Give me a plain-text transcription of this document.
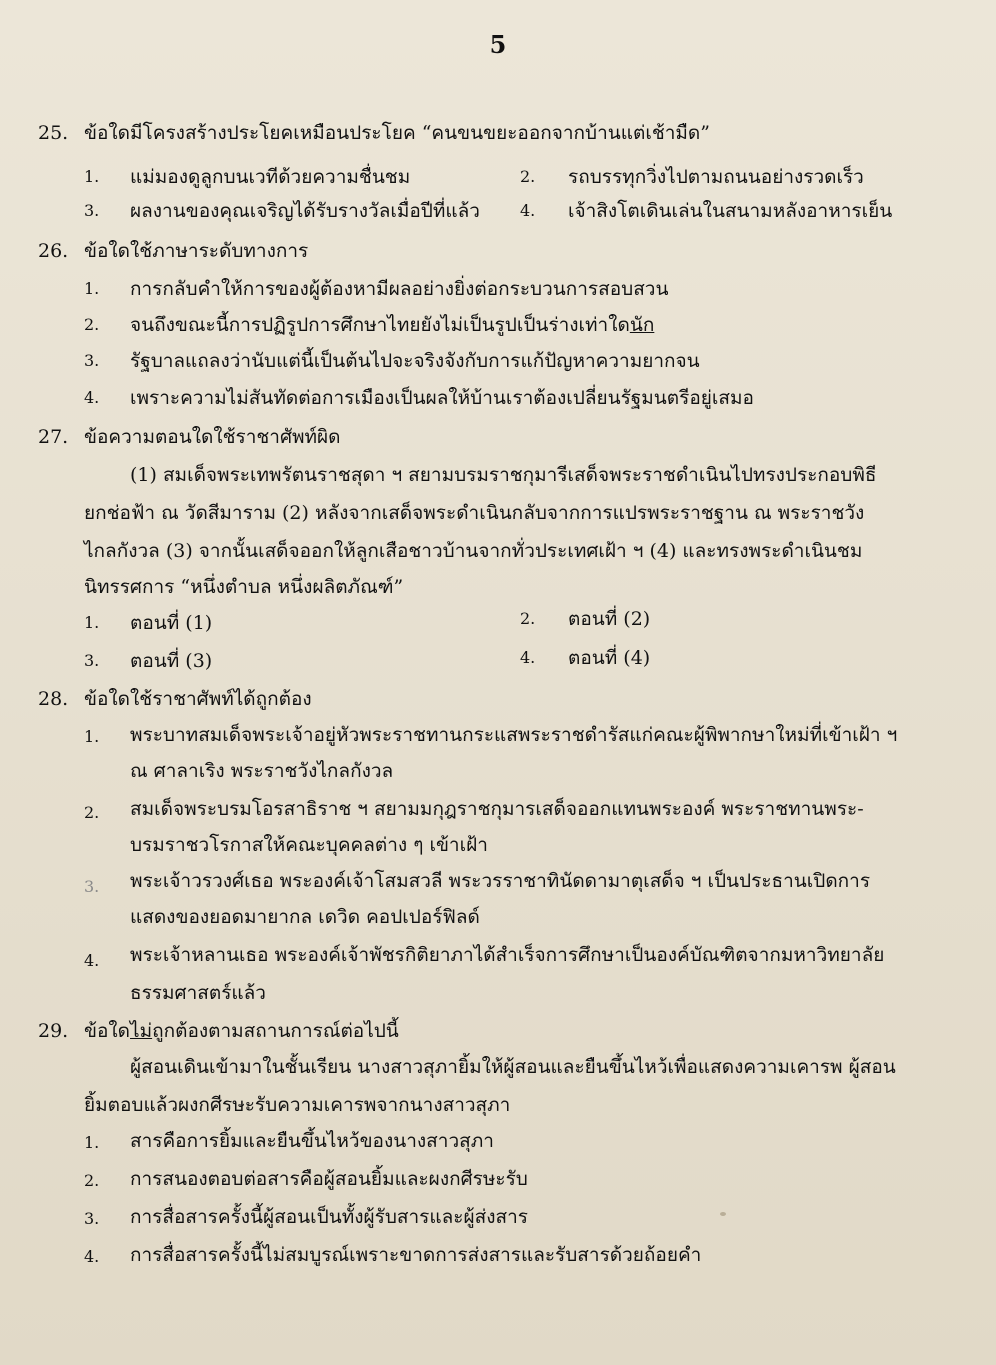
5
25. ข้อใดมีโครงสร้างประโยคเหมือนประโยค “คนขนขยะออกจากบ้านแต่เช้ามืด”
1. แม่มองดูลูกบนเวทีด้วยความชื่นชม	2. รถบรรทุกวิ่งไปตามถนนอย่างรวดเร็ว
3. ผลงานของคุณเจริญได้รับรางวัลเมื่อปีที่แล้ว	4. เจ้าสิงโตเดินเล่นในสนามหลังอาหารเย็น
26. ข้อใดใช้ภาษาระดับทางการ
1. การกลับคำให้การของผู้ต้องหามีผลอย่างยิ่งต่อกระบวนการสอบสวน
2. จนถึงขณะนี้การปฏิรูปการศึกษาไทยยังไม่เป็นรูปเป็นร่างเท่าใดนัก
3. รัฐบาลแถลงว่านับแต่นี้เป็นต้นไปจะจริงจังกับการแก้ปัญหาความยากจน
4. เพราะความไม่สันทัดต่อการเมืองเป็นผลให้บ้านเราต้องเปลี่ยนรัฐมนตรีอยู่เสมอ
27. ข้อความตอนใดใช้ราชาศัพท์ผิด
(1) สมเด็จพระเทพรัตนราชสุดา ฯ สยามบรมราชกุมารีเสด็จพระราชดำเนินไปทรงประกอบพิธี
ยกช่อฟ้า ณ วัดสีมาราม (2) หลังจากเสด็จพระดำเนินกลับจากการแปรพระราชฐาน ณ พระราชวัง
ไกลกังวล (3) จากนั้นเสด็จออกให้ลูกเสือชาวบ้านจากทั่วประเทศเฝ้า ฯ (4) และทรงพระดำเนินชม
นิทรรศการ “หนึ่งตำบล หนึ่งผลิตภัณฑ์”
1. ตอนที่ (1)	2. ตอนที่ (2)
3. ตอนที่ (3)	4. ตอนที่ (4)
28. ข้อใดใช้ราชาศัพท์ได้ถูกต้อง
1. พระบาทสมเด็จพระเจ้าอยู่หัวพระราชทานกระแสพระราชดำรัสแก่คณะผู้พิพากษาใหม่ที่เข้าเฝ้า ฯ
ณ ศาลาเริง พระราชวังไกลกังวล
2. สมเด็จพระบรมโอรสาธิราช ฯ สยามมกุฎราชกุมารเสด็จออกแทนพระองค์ พระราชทานพระ-
บรมราชวโรกาสให้คณะบุคคลต่าง ๆ เข้าเฝ้า
3. พระเจ้าวรวงศ์เธอ พระองค์เจ้าโสมสวลี พระวรราชาทินัดดามาตุเสด็จ ฯ เป็นประธานเปิดการ
แสดงของยอดมายากล เดวิด คอปเปอร์ฟิลด์
4. พระเจ้าหลานเธอ พระองค์เจ้าพัชรกิติยาภาได้สำเร็จการศึกษาเป็นองค์บัณฑิตจากมหาวิทยาลัย
ธรรมศาสตร์แล้ว
29. ข้อใดไม่ถูกต้องตามสถานการณ์ต่อไปนี้
ผู้สอนเดินเข้ามาในชั้นเรียน นางสาวสุภายิ้มให้ผู้สอนและยืนขึ้นไหว้เพื่อแสดงความเคารพ ผู้สอน
ยิ้มตอบแล้วผงกศีรษะรับความเคารพจากนางสาวสุภา
1. สารคือการยิ้มและยืนขึ้นไหว้ของนางสาวสุภา
2. การสนองตอบต่อสารคือผู้สอนยิ้มและผงกศีรษะรับ
3. การสื่อสารครั้งนี้ผู้สอนเป็นทั้งผู้รับสารและผู้ส่งสาร
4. การสื่อสารครั้งนี้ไม่สมบูรณ์เพราะขาดการส่งสารและรับสารด้วยถ้อยคำ
